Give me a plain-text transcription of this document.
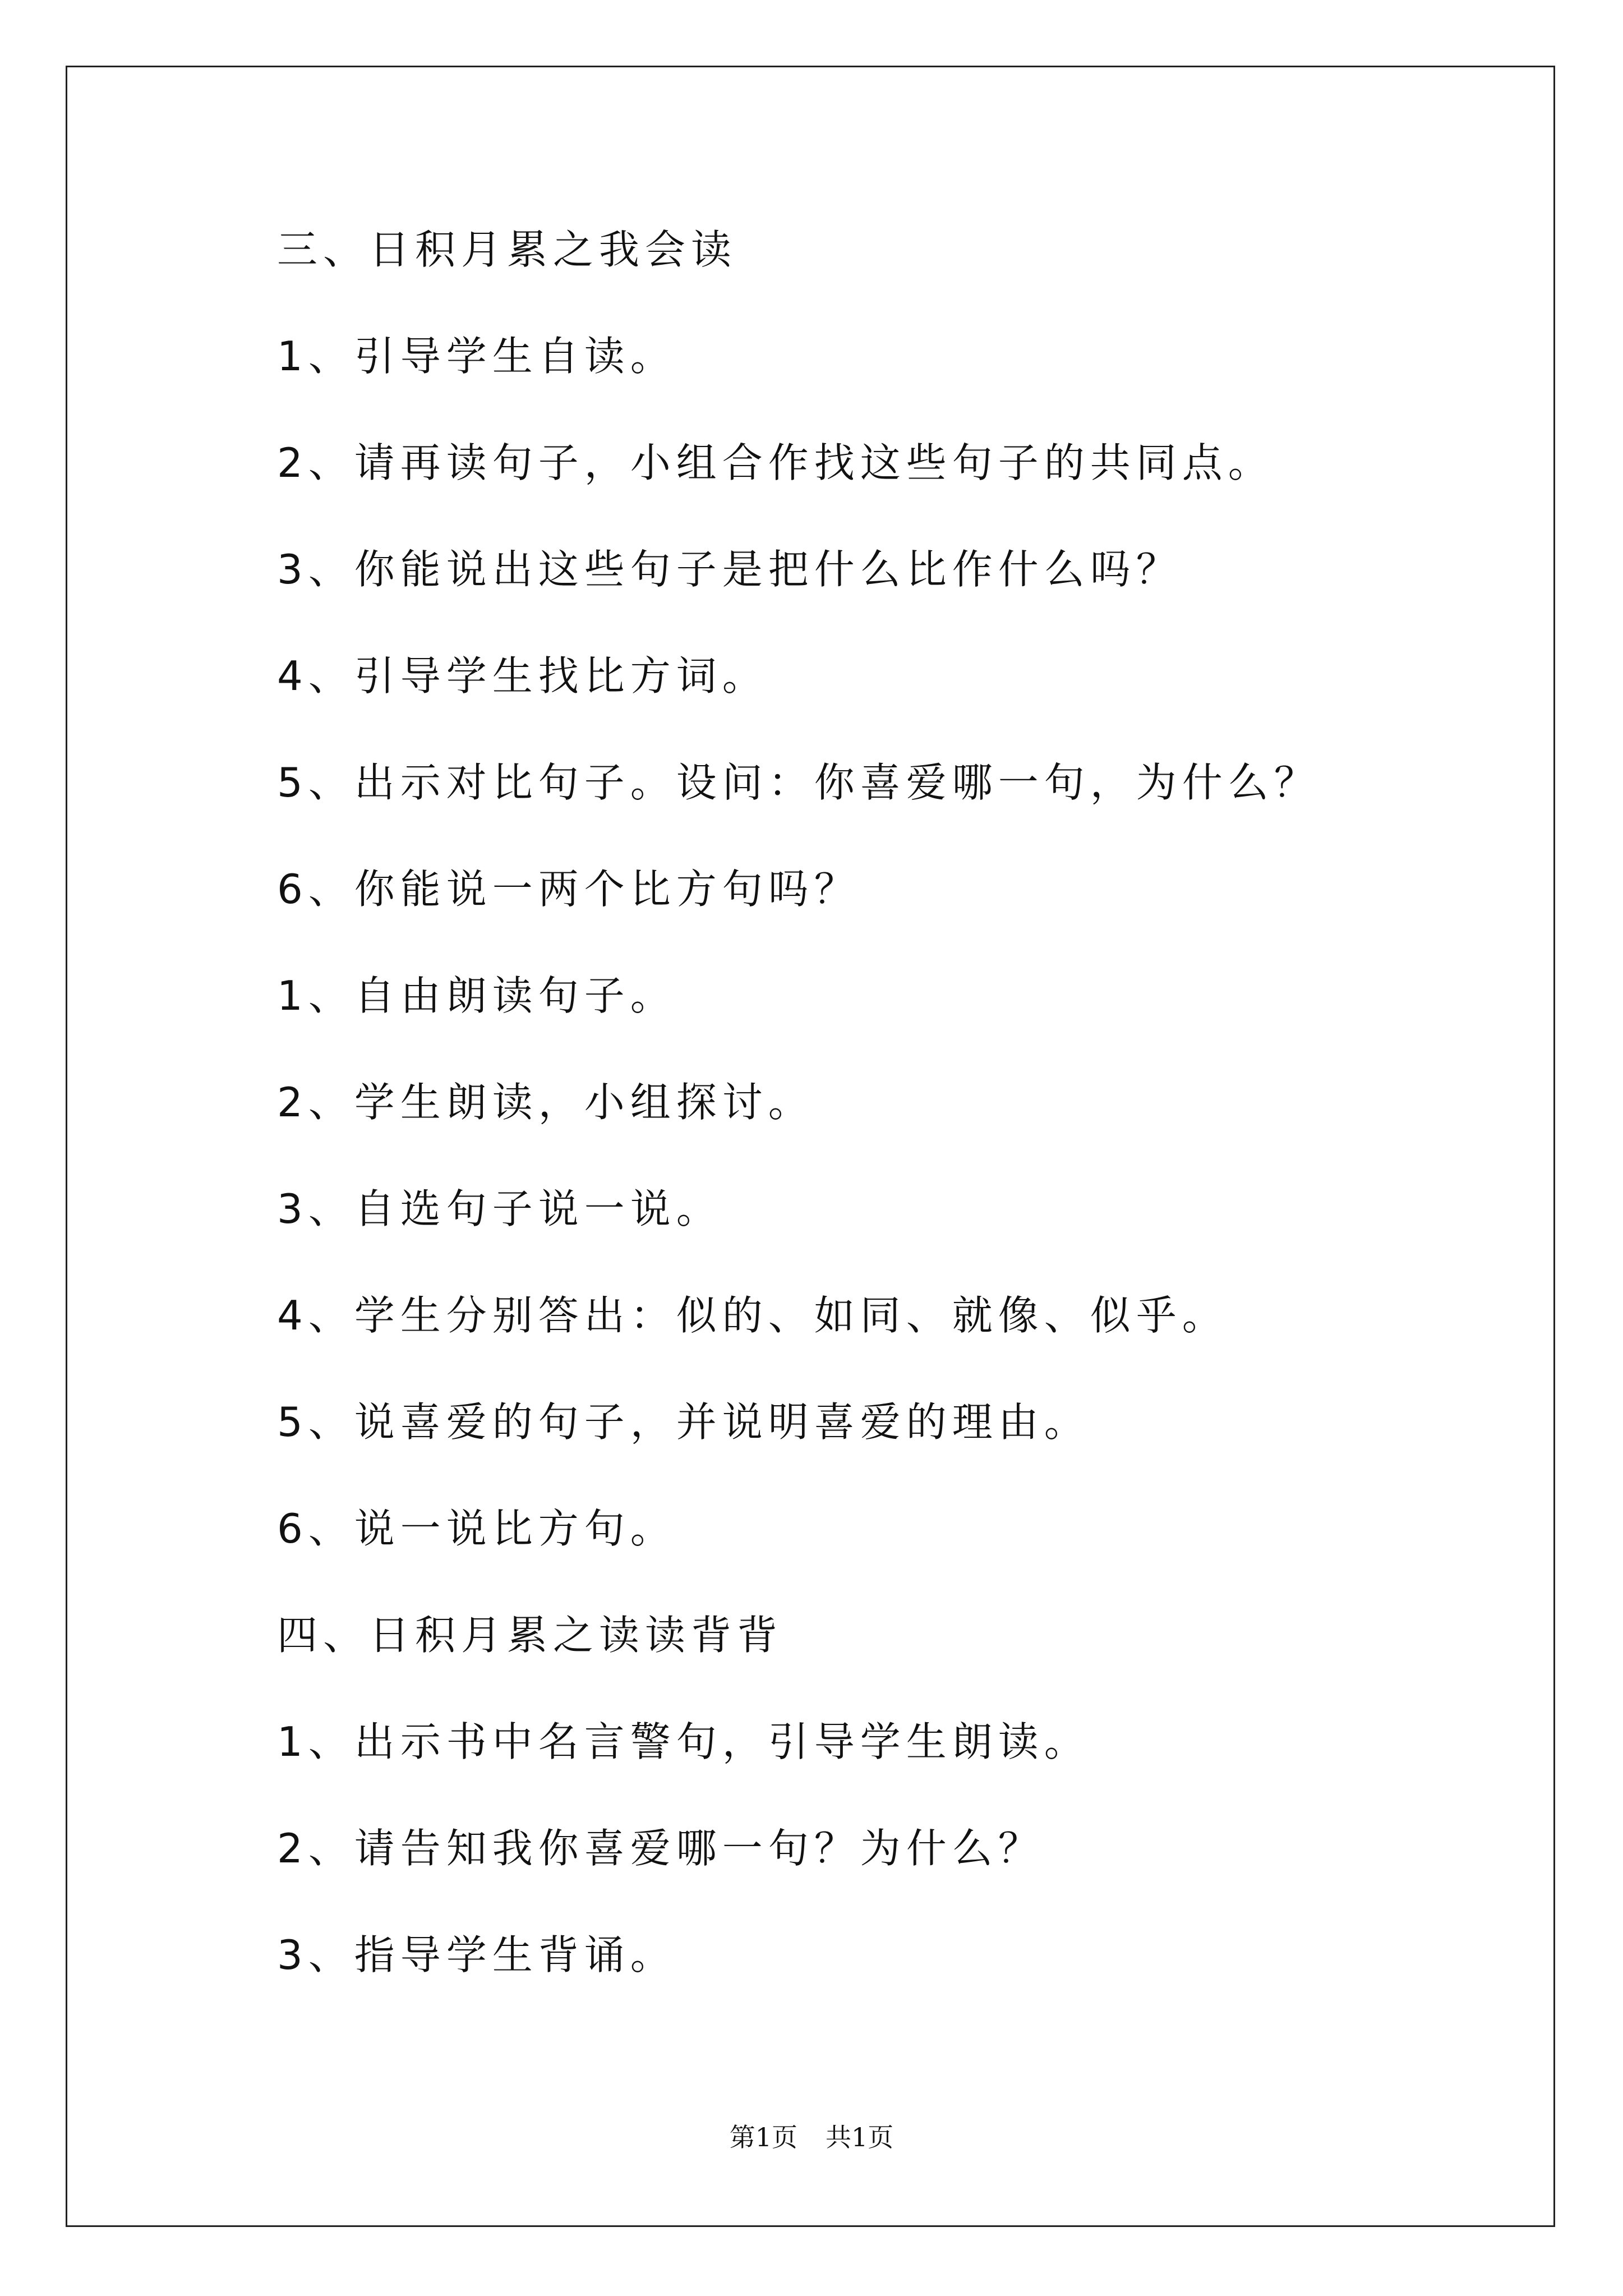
三、日积月累之我会读
1、引导学生自读。
2、请再读句子，小组合作找这些句子的共同点。
3、你能说出这些句子是把什么比作什么吗？
4、引导学生找比方词。
5、出示对比句子。设问：你喜爱哪一句，为什么？
6、你能说一两个比方句吗？
1、自由朗读句子。
2、学生朗读，小组探讨。
3、自选句子说一说。
4、学生分别答出：似的、如同、就像、似乎。
5、说喜爱的句子，并说明喜爱的理由。
6、说一说比方句。
四、日积月累之读读背背
1、出示书中名言警句，引导学生朗读。
2、请告知我你喜爱哪一句？为什么？
3、指导学生背诵。
第1页 共1页
